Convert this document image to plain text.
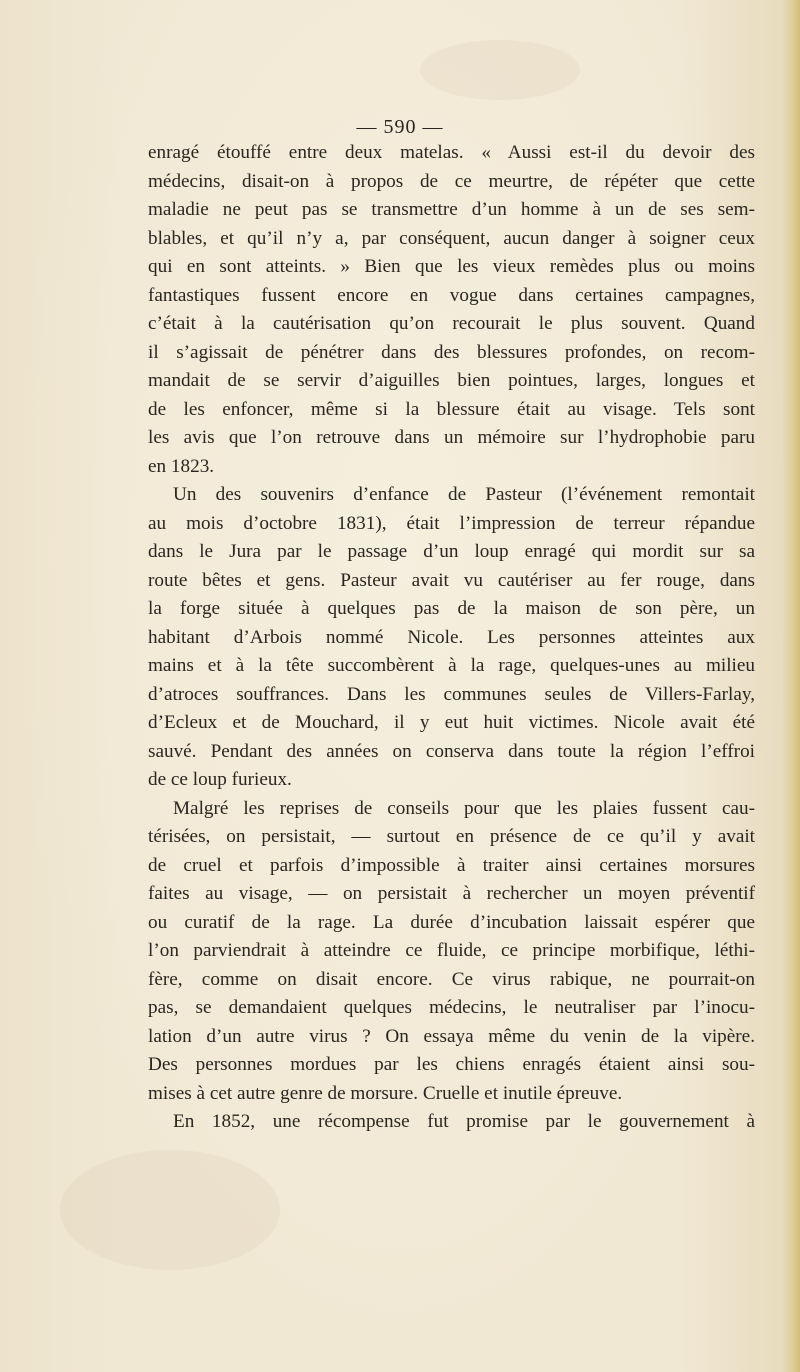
— 590 —

enragé étouffé entre deux matelas. « Aussi est-il du devoir des

médecins, disait-on à propos de ce meurtre, de répéter que cette

maladie ne peut pas se transmettre d’un homme à un de ses sem-

blables, et qu’il n’y a, par conséquent, aucun danger à soigner ceux

qui en sont atteints. » Bien que les vieux remèdes plus ou moins

fantastiques fussent encore en vogue dans certaines campagnes,

c’était à la cautérisation qu’on recourait le plus souvent. Quand

il s’agissait de pénétrer dans des blessures profondes, on recom-

mandait de se servir d’aiguilles bien pointues, larges, longues et

de les enfoncer, même si la blessure était au visage. Tels sont

les avis que l’on retrouve dans un mémoire sur l’hydrophobie paru

en 1823.

Un des souvenirs d’enfance de Pasteur (l’événement remontait

au mois d’octobre 1831), était l’impression de terreur répandue

dans le Jura par le passage d’un loup enragé qui mordit sur sa

route bêtes et gens. Pasteur avait vu cautériser au fer rouge, dans

la forge située à quelques pas de la maison de son père, un

habitant d’Arbois nommé Nicole. Les personnes atteintes aux

mains et à la tête succombèrent à la rage, quelques-unes au milieu

d’atroces souffrances. Dans les communes seules de Villers-Farlay,

d’Ecleux et de Mouchard, il y eut huit victimes. Nicole avait été

sauvé. Pendant des années on conserva dans toute la région l’effroi

de ce loup furieux.

Malgré les reprises de conseils pour que les plaies fussent cau-

térisées, on persistait, — surtout en présence de ce qu’il y avait

de cruel et parfois d’impossible à traiter ainsi certaines morsures

faites au visage, — on persistait à rechercher un moyen préventif

ou curatif de la rage. La durée d’incubation laissait espérer que

l’on parviendrait à atteindre ce fluide, ce principe morbifique, léthi-

fère, comme on disait encore. Ce virus rabique, ne pourrait-on

pas, se demandaient quelques médecins, le neutraliser par l’inocu-

lation d’un autre virus ? On essaya même du venin de la vipère.

Des personnes mordues par les chiens enragés étaient ainsi sou-

mises à cet autre genre de morsure. Cruelle et inutile épreuve.

En 1852, une récompense fut promise par le gouvernement à
